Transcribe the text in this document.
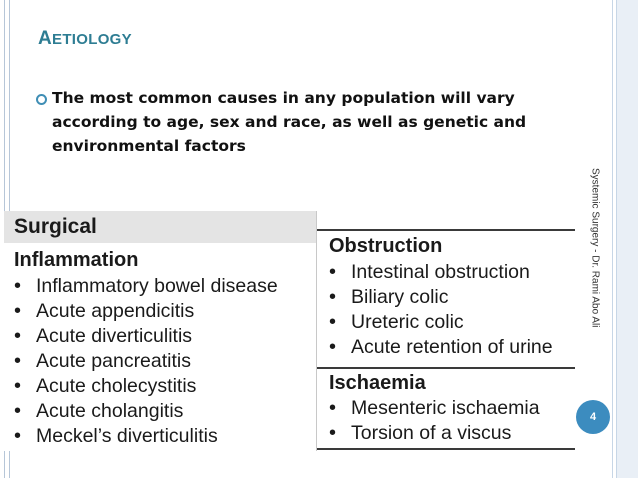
AETIOLOGY
The most common causes in any population will vary according to age, sex and race, as well as genetic and environmental factors
Systemic Surgery - Dr. Rami Abo Ali
4
Surgical
Inflammation
• Inflammatory bowel disease
• Acute appendicitis
• Acute diverticulitis
• Acute pancreatitis
• Acute cholecystitis
• Acute cholangitis
• Meckel’s diverticulitis
Obstruction
• Intestinal obstruction
• Biliary colic
• Ureteric colic
• Acute retention of urine
Ischaemia
• Mesenteric ischaemia
• Torsion of a viscus
